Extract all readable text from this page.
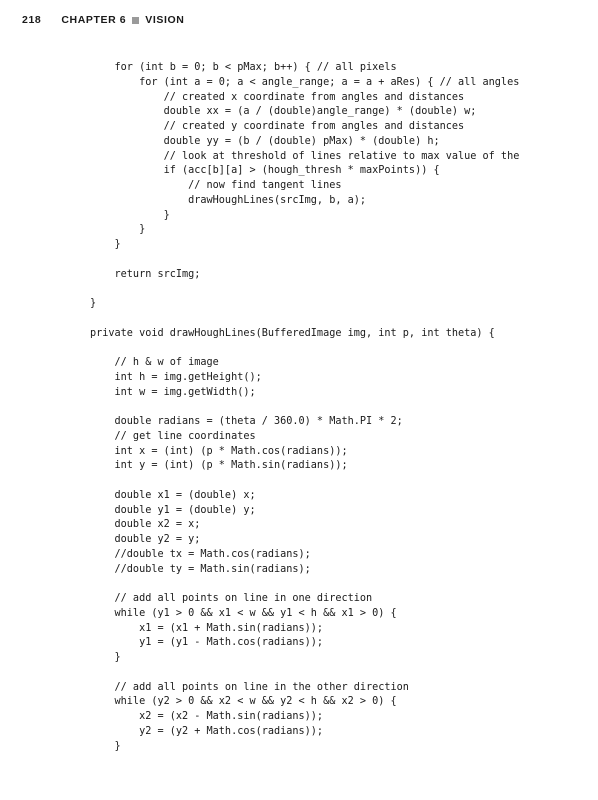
218 CHAPTER 6 VISION
for (int b = 0; b < pMax; b++) { // all pixels
for (int a = 0; a < angle_range; a = a + aRes) { // all angles
// created x coordinate from angles and distances
double xx = (a / (double)angle_range) * (double) w;
// created y coordinate from angles and distances
double yy = (b / (double) pMax) * (double) h;
// look at threshold of lines relative to max value of the
if (acc[b][a] > (hough_thresh * maxPoints)) {
// now find tangent lines
drawHoughLines(srcImg, b, a);
}
}
}
return srcImg;
}
private void drawHoughLines(BufferedImage img, int p, int theta) {
// h & w of image
int h = img.getHeight();
int w = img.getWidth();
double radians = (theta / 360.0) * Math.PI * 2;
// get line coordinates
int x = (int) (p * Math.cos(radians));
int y = (int) (p * Math.sin(radians));
double x1 = (double) x;
double y1 = (double) y;
double x2 = x;
double y2 = y;
//double tx = Math.cos(radians);
//double ty = Math.sin(radians);
// add all points on line in one direction
while (y1 > 0 && x1 < w && y1 < h && x1 > 0) {
x1 = (x1 + Math.sin(radians));
y1 = (y1 - Math.cos(radians));
}
// add all points on line in the other direction
while (y2 > 0 && x2 < w && y2 < h && x2 > 0) {
x2 = (x2 - Math.sin(radians));
y2 = (y2 + Math.cos(radians));
}
